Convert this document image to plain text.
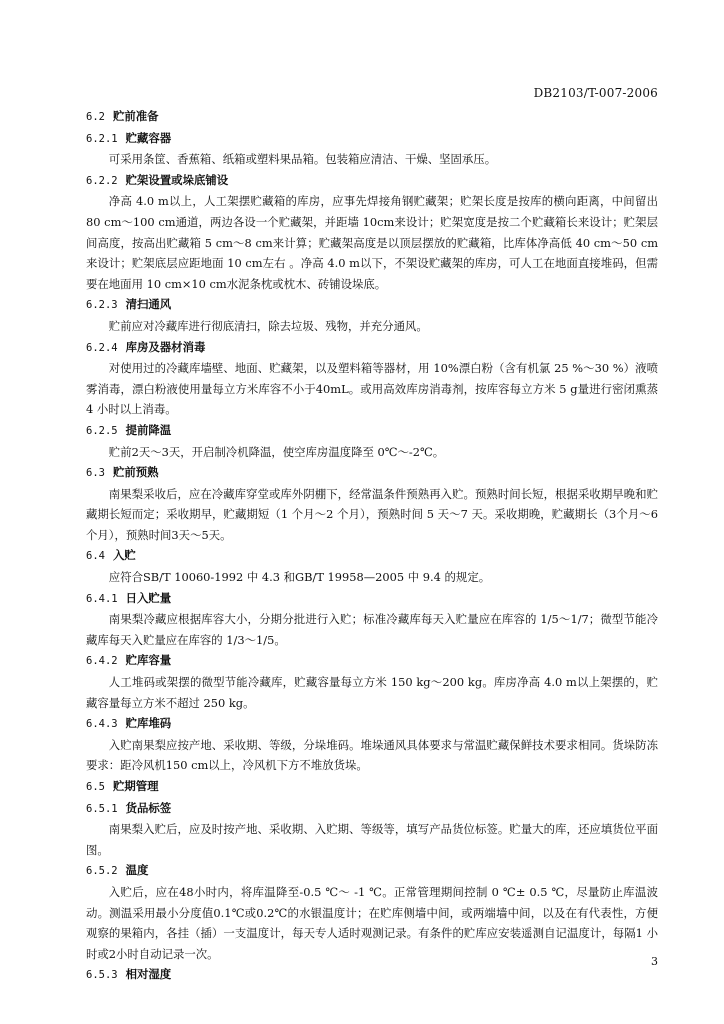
DB2103/T-007-2006
6.2 贮前准备
6.2.1 贮藏容器

可采用条筐、香蕉箱、纸箱或塑料果品箱。包装箱应清洁、干燥、坚固承压。

6.2.2 贮架设置或垛底铺设

净高 4.0 m以上，人工架摆贮藏箱的库房，应事先焊接角钢贮藏架；贮架长度是按库的横向距离，中间留出 80 cm～100 cm通道，两边各设一个贮藏架，并距墙 10cm来设计；贮架宽度是按二个贮藏箱长来设计；贮架层间高度，按高出贮藏箱 5 cm～8 cm来计算；贮藏架高度是以顶层摆放的贮藏箱，比库体净高低 40 cm～50 cm来设计；贮架底层应距地面 10 cm左右 。净高 4.0 m以下，不架设贮藏架的库房，可人工在地面直接堆码，但需要在地面用 10 cm×10 cm水泥条枕或枕木、砖铺设垛底。

6.2.3 清扫通风

贮前应对冷藏库进行彻底清扫，除去垃圾、残物，并充分通风。

6.2.4 库房及器材消毒

对使用过的冷藏库墙壁、地面、贮藏架，以及塑料箱等器材，用 10%漂白粉（含有机氯 25 %～30 %）液喷雾消毒，漂白粉液使用量每立方米库容不小于40mL。或用高效库房消毒剂，按库容每立方米 5 g量进行密闭熏蒸4 小时以上消毒。

6.2.5 提前降温

贮前2天～3天，开启制冷机降温，使空库房温度降至 0℃～-2℃。

6.3 贮前预熟

南果梨采收后，应在冷藏库穿堂或库外阴棚下，经常温条件预熟再入贮。预熟时间长短，根据采收期早晚和贮藏期长短而定；采收期早，贮藏期短（1 个月～2 个月），预熟时间 5 天～7 天。采收期晚，贮藏期长（3个月～6个月），预熟时间3天～5天。

6.4 入贮

应符合SB/T 10060-1992 中 4.3 和GB/T 19958—2005 中 9.4 的规定。

6.4.1 日入贮量

南果梨冷藏应根据库容大小，分期分批进行入贮；标准冷藏库每天入贮量应在库容的 1/5～1/7；微型节能冷藏库每天入贮量应在库容的 1/3～1/5。

6.4.2 贮库容量

人工堆码或架摆的微型节能冷藏库，贮藏容量每立方米 150 kg～200 kg。库房净高 4.0 m以上架摆的，贮藏容量每立方米不超过 250 kg。

6.4.3 贮库堆码

入贮南果梨应按产地、采收期、等级，分垛堆码。堆垛通风具体要求与常温贮藏保鲜技术要求相同。货垛防冻要求：距冷风机150 cm以上，冷风机下方不堆放货垛。

6.5 贮期管理
6.5.1 货品标签

南果梨入贮后，应及时按产地、采收期、入贮期、等级等，填写产品货位标签。贮量大的库，还应填货位平面图。

6.5.2 温度

入贮后，应在48小时内，将库温降至-0.5 ℃～ -1 ℃。正常管理期间控制 0 ℃± 0.5 ℃，尽量防止库温波动。测温采用最小分度值0.1℃或0.2℃的水银温度计；在贮库侧墙中间，或两端墙中间，以及在有代表性，方便观察的果箱内，各挂（插）一支温度计，每天专人适时观测记录。有条件的贮库应安装遥测自记温度计，每隔1 小时或2小时自动记录一次。

6.5.3 相对湿度
3
